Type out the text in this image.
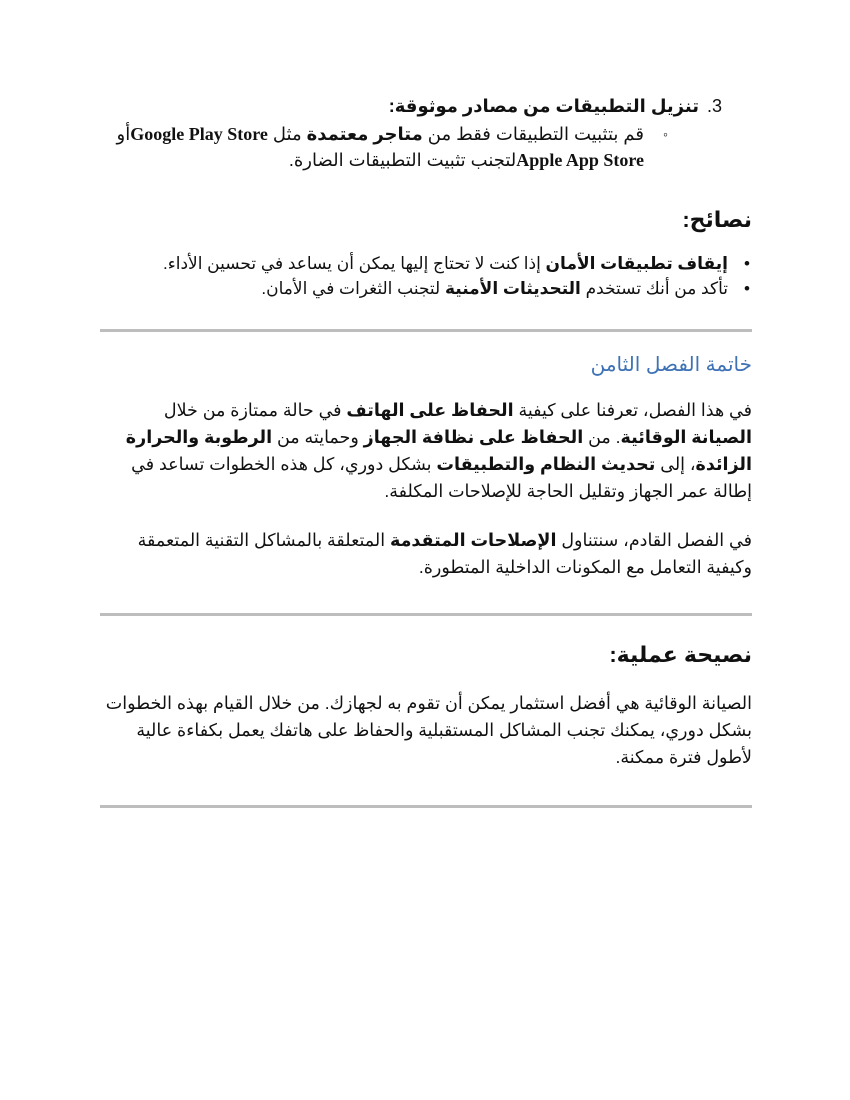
3.
تنزيل التطبيقات من مصادر موثوقة:
◦
قم بتثبيت التطبيقات فقط من متاجر معتمدة مثل Google Play Storeأو
Apple App Storeلتجنب تثبيت التطبيقات الضارة.
نصائح:
•
إيقاف تطبيقات الأمان إذا كنت لا تحتاج إليها يمكن أن يساعد في تحسين الأداء.
•
تأكد من أنك تستخدم التحديثات الأمنية لتجنب الثغرات في الأمان.
خاتمة الفصل الثامن

في هذا الفصل، تعرفنا على كيفية الحفاظ على الهاتف في حالة ممتازة من خلال الصيانة الوقائية. من الحفاظ على نظافة الجهاز وحمايته من الرطوبة والحرارة الزائدة، إلى تحديث النظام والتطبيقات بشكل دوري، كل هذه الخطوات تساعد في إطالة عمر الجهاز وتقليل الحاجة للإصلاحات المكلفة.

في الفصل القادم، سنتناول الإصلاحات المتقدمة المتعلقة بالمشاكل التقنية المتعمقة وكيفية التعامل مع المكونات الداخلية المتطورة.

نصيحة عملية:

الصيانة الوقائية هي أفضل استثمار يمكن أن تقوم به لجهازك. من خلال القيام بهذه الخطوات بشكل دوري، يمكنك تجنب المشاكل المستقبلية والحفاظ على هاتفك يعمل بكفاءة عالية لأطول فترة ممكنة.
